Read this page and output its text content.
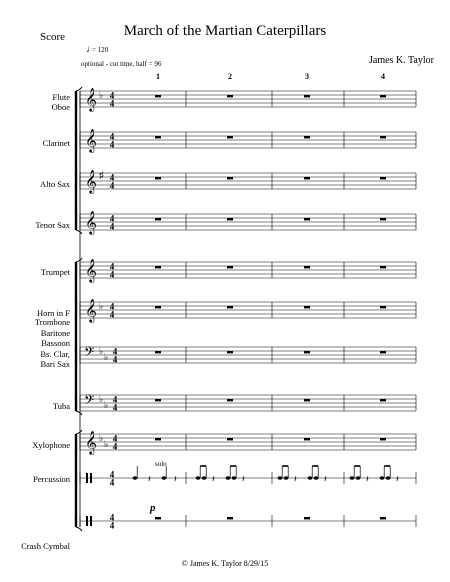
Score	March of the Martian Caterpillars
James K. Taylor
♩
= 120
optional - cut time, half = 96
solo
© James K. Taylor 8/29/15
Flute
Oboe
Clarinet
Alto Sax
Tenor Sax
Trumpet
Horn in F
Trombone
Baritone
Bassoon
Bs. Clar,
Bari Sax
Tuba
Xylophone
Percussion
Crash Cymbal
1	2	3	4
𝄞 ♭ 4
4
𝄞 4
4
𝄞 ♯ 4
4
𝄞 4
4
𝄞 4
4
𝄞 ♭ 4
4
𝄢 ♭
♭
4
4
𝄢 ♭
♭
4
4
𝄞 ♭
♭
4
4
4
4
4
4
𝄽	𝄽	𝄽	𝄽	𝄽	𝄽	𝄽	𝄽
p
